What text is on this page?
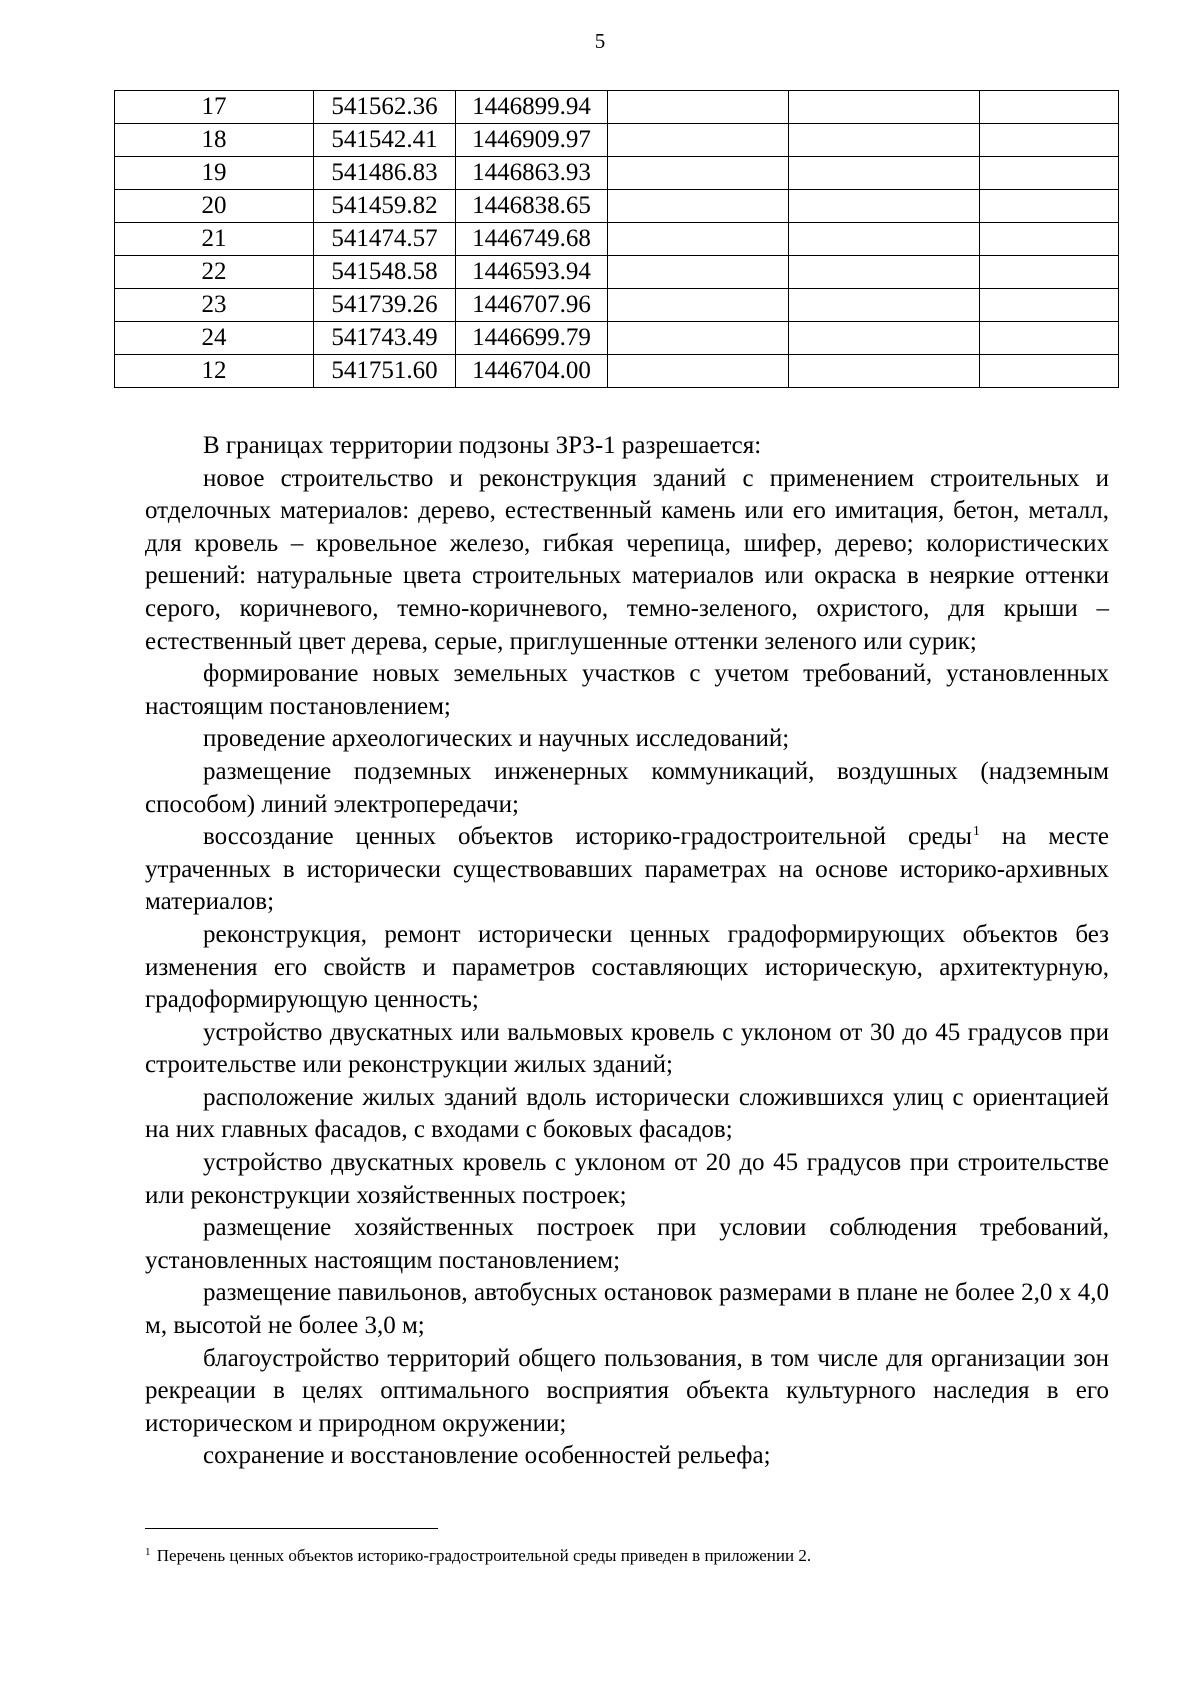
5
17	541562.36	1446899.94			
18	541542.41	1446909.97			
19	541486.83	1446863.93			
20	541459.82	1446838.65			
21	541474.57	1446749.68			
22	541548.58	1446593.94			
23	541739.26	1446707.96			
24	541743.49	1446699.79			
12	541751.60	1446704.00			

В границах территории подзоны ЗРЗ-1 разрешается:

новое строительство и реконструкция зданий с применением строительных и отделочных материалов: дерево, естественный камень или его имитация, бетон, металл, для кровель – кровельное железо, гибкая черепица, шифер, дерево; колористических решений: натуральные цвета строительных материалов или окраска в неяркие оттенки серого, коричневого, темно-коричневого, темно-зеленого, охристого, для крыши – естественный цвет дерева, серые, приглушенные оттенки зеленого или сурик;

формирование новых земельных участков с учетом требований, установленных настоящим постановлением;

проведение археологических и научных исследований;

размещение подземных инженерных коммуникаций, воздушных (надземным способом) линий электропередачи;

воссоздание ценных объектов историко-градостроительной среды$^1$ на месте утраченных в исторически существовавших параметрах на основе историко-архивных материалов;

реконструкция, ремонт исторически ценных градоформирующих объектов без изменения его свойств и параметров составляющих историческую, архитектурную, градоформирующую ценность;

устройство двускатных или вальмовых кровель с уклоном от 30 до 45 градусов при строительстве или реконструкции жилых зданий;

расположение жилых зданий вдоль исторически сложившихся улиц с ориентацией на них главных фасадов, с входами с боковых фасадов;

устройство двускатных кровель с уклоном от 20 до 45 градусов при строительстве или реконструкции хозяйственных построек;

размещение хозяйственных построек при условии соблюдения требований, установленных настоящим постановлением;

размещение павильонов, автобусных остановок размерами в плане не более 2,0 х 4,0 м, высотой не более 3,0 м;

благоустройство территорий общего пользования, в том числе для организации зон рекреации в целях оптимального восприятия объекта культурного наследия в его историческом и природном окружении;

сохранение и восстановление особенностей рельефа;

$^1$ Перечень ценных объектов историко-градостроительной среды приведен в приложении 2.
